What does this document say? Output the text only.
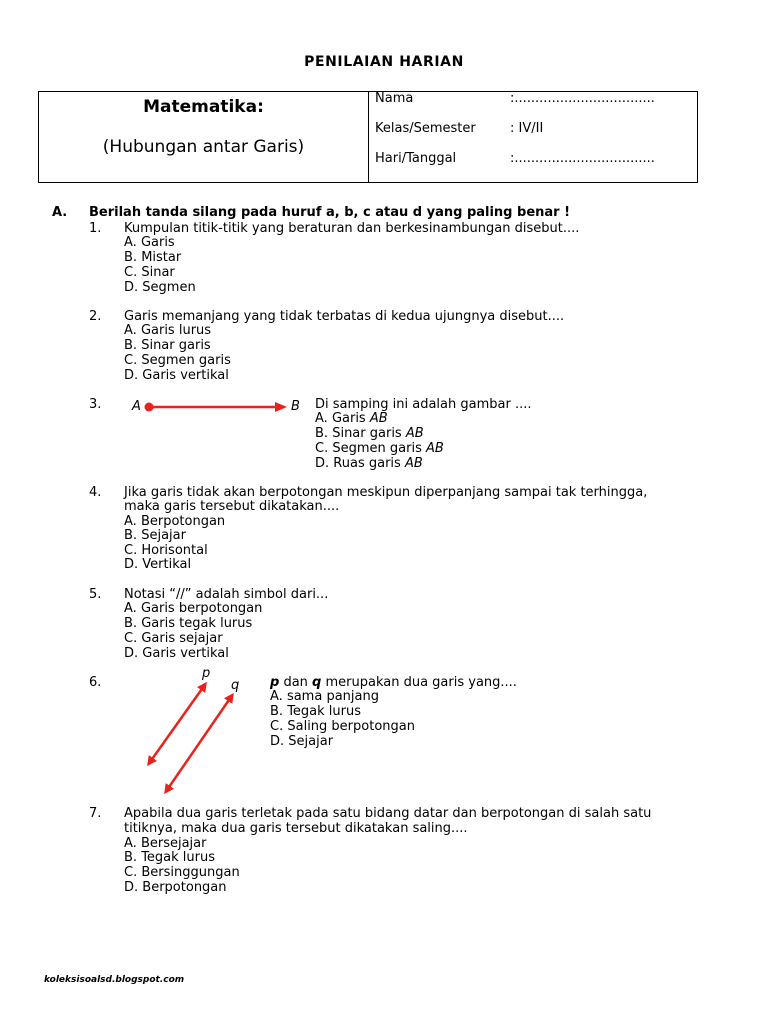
PENILAIAN HARIAN
Matematika:
(Hubungan antar Garis)
Nama	:..................................
Kelas/Semester	: IV/II
Hari/Tanggal	:..................................
A. Berilah tanda silang pada huruf a, b, c atau d yang paling benar !
1. Kumpulan titik-titik yang beraturan dan berkesinambungan disebut....
A. Garis
B. Mistar
C. Sinar
D. Segmen
2. Garis memanjang yang tidak terbatas di kedua ujungnya disebut....
A. Garis lurus
B. Sinar garis
C. Segmen garis
D. Garis vertikal
3. A	B Di samping ini adalah gambar ....
A. Garis AB
B. Sinar garis AB
C. Segmen garis AB
D. Ruas garis AB
4. Jika garis tidak akan berpotongan meskipun diperpanjang sampai tak terhingga,
maka garis tersebut dikatakan....
A. Berpotongan
B. Sejajar
C. Horisontal
D. Vertikal
5. Notasi “//” adalah simbol dari...
A. Garis berpotongan
B. Garis tegak lurus
C. Garis sejajar
D. Garis vertikal
6.
p
q p dan q merupakan dua garis yang....
A. sama panjang
B. Tegak lurus
C. Saling berpotongan
D. Sejajar
7. Apabila dua garis terletak pada satu bidang datar dan berpotongan di salah satu
titiknya, maka dua garis tersebut dikatakan saling....
A. Bersejajar
B. Tegak lurus
C. Bersinggungan
D. Berpotongan
koleksisoalsd.blogspot.com
